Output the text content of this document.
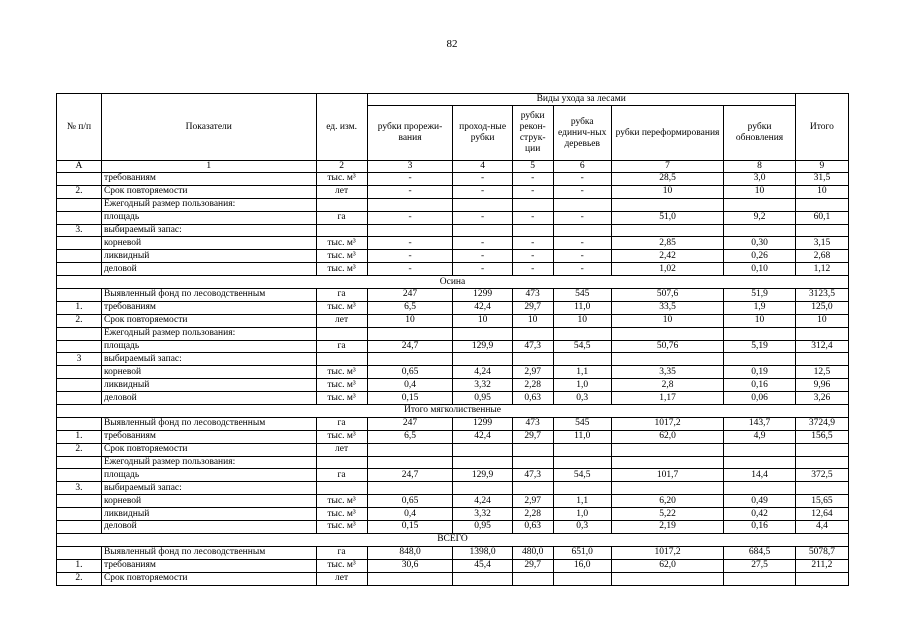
82
№ п/п	Показатели	ед. изм.	Виды ухода за лесами						Итого
			рубки прорежи-вания	проход-ные рубки	рубки рекон-струк-ции	рубка единич-ных деревьев	рубки переформирования	рубки обновления	
А	1	2	3	4	5	6	7	8	9
	требованиям	тыс. м³	-	-	-	-	28,5	3,0	31,5
2.	Срок повторяемости	лет	-	-	-	-	10	10	10
	Ежегодный размер пользования:								
	площадь	га	-	-	-	-	51,0	9,2	60,1
3.	выбираемый запас:								
	корневой	тыс. м³	-	-	-	-	2,85	0,30	3,15
	ликвидный	тыс. м³	-	-	-	-	2,42	0,26	2,68
	деловой	тыс. м³	-	-	-	-	1,02	0,10	1,12
Осина									
	Выявленный фонд по лесоводственным	га	247	1299	473	545	507,6	51,9	3123,5
1.	требованиям	тыс. м³	6,5	42,4	29,7	11,0	33,5	1,9	125,0
2.	Срок повторяемости	лет	10	10	10	10	10	10	10
	Ежегодный размер пользования:								
	площадь	га	24,7	129,9	47,3	54,5	50,76	5,19	312,4
3	выбираемый запас:								
	корневой	тыс. м³	0,65	4,24	2,97	1,1	3,35	0,19	12,5
	ликвидный	тыс. м³	0,4	3,32	2,28	1,0	2,8	0,16	9,96
	деловой	тыс. м³	0,15	0,95	0,63	0,3	1,17	0,06	3,26
Итого мягколиственные									
	Выявленный фонд по лесоводственным	га	247	1299	473	545	1017,2	143,7	3724,9
1.	требованиям	тыс. м³	6,5	42,4	29,7	11,0	62,0	4,9	156,5
2.	Срок повторяемости	лет							
	Ежегодный размер пользования:								
	площадь	га	24,7	129,9	47,3	54,5	101,7	14,4	372,5
3.	выбираемый запас:								
	корневой	тыс. м³	0,65	4,24	2,97	1,1	6,20	0,49	15,65
	ликвидный	тыс. м³	0,4	3,32	2,28	1,0	5,22	0,42	12,64
	деловой	тыс. м³	0,15	0,95	0,63	0,3	2,19	0,16	4,4
ВСЕГО									
	Выявленный фонд по лесоводственным	га	848,0	1398,0	480,0	651,0	1017,2	684,5	5078,7
1.	требованиям	тыс. м³	30,6	45,4	29,7	16,0	62,0	27,5	211,2
2.	Срок повторяемости	лет							
